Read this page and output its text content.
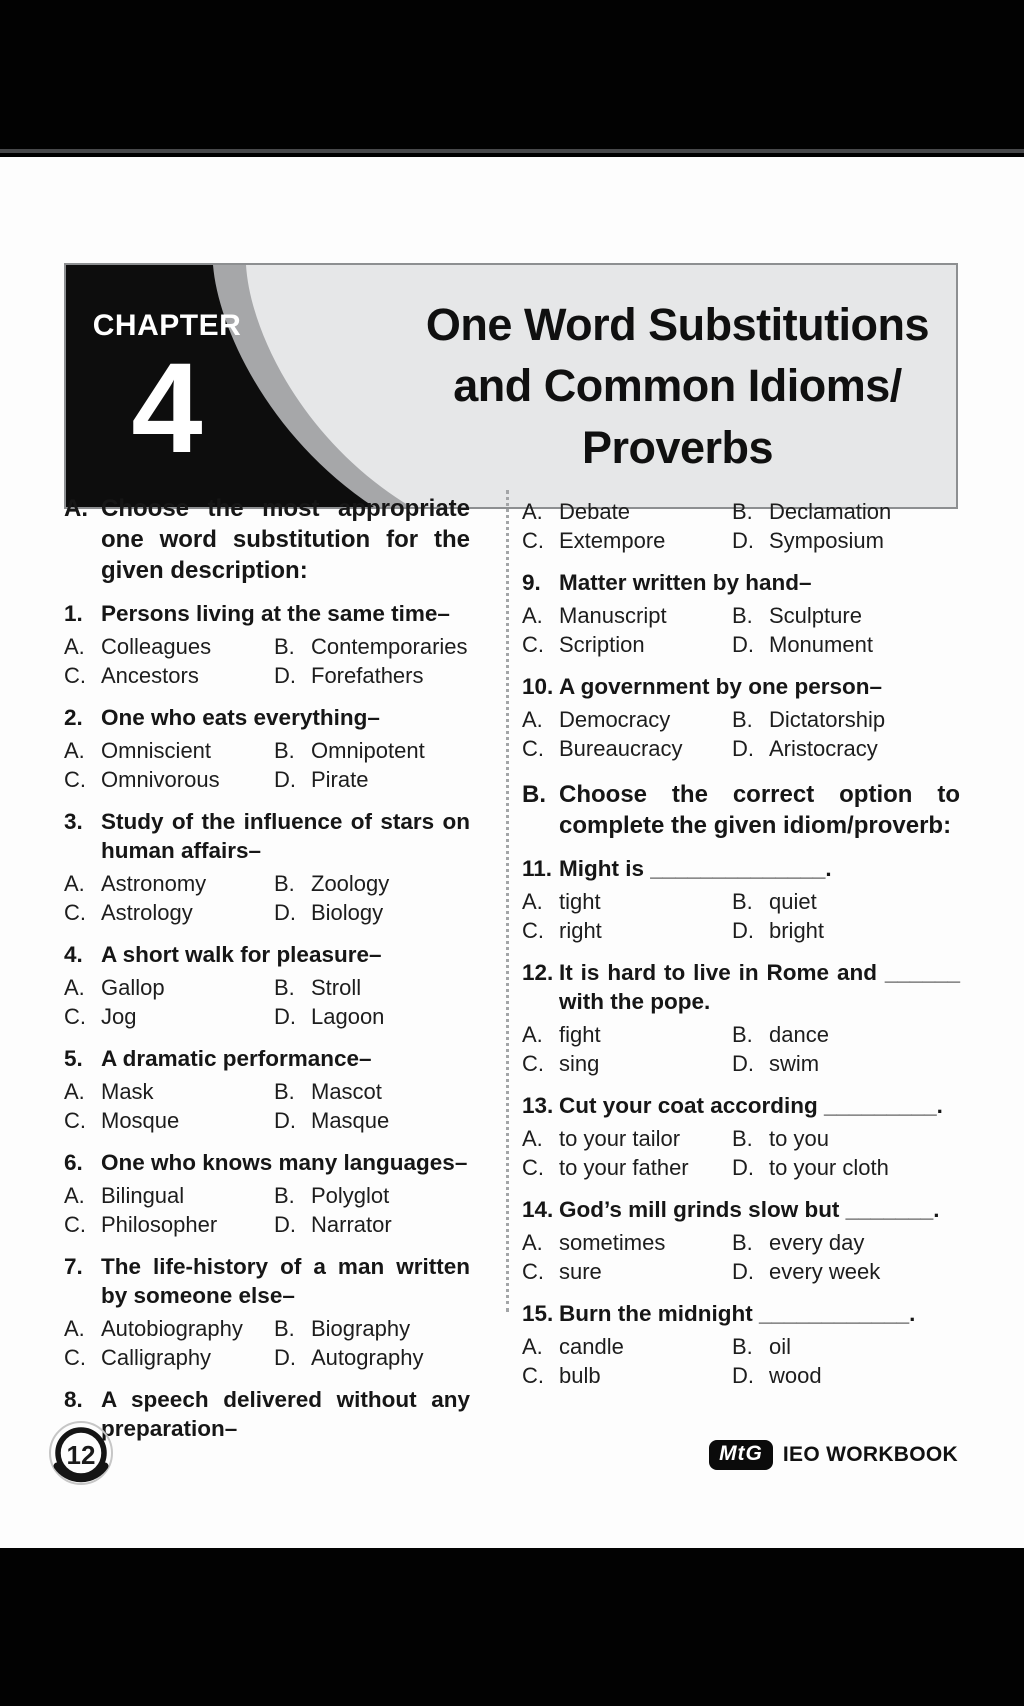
CHAPTER
4
One Word Substitutions
and Common Idioms/
Proverbs
A. Choose the most appropriate one word substitution for the given description:
1. Persons living at the same time–
A. Colleagues	B. Contemporaries
C. Ancestors	D. Forefathers
2. One who eats everything–
A. Omniscient	B. Omnipotent
C. Omnivorous	D. Pirate
3. Study of the influence of stars on human affairs–
A. Astronomy	B. Zoology
C. Astrology	D. Biology
4. A short walk for pleasure–
A. Gallop	B. Stroll
C. Jog	D. Lagoon
5. A dramatic performance–
A. Mask	B. Mascot
C. Mosque	D. Masque
6. One who knows many languages–
A. Bilingual	B. Polyglot
C. Philosopher	D. Narrator
7. The life-history of a man written by someone else–
A. Autobiography	B. Biography
C. Calligraphy	D. Autography
8. A speech delivered without any preparation–
A. Debate	B. Declamation
C. Extempore	D. Symposium
9. Matter written by hand–
A. Manuscript	B. Sculpture
C. Scription	D. Monument
10. A government by one person–
A. Democracy	B. Dictatorship
C. Bureaucracy	D. Aristocracy
B. Choose the correct option to complete the given idiom/proverb:
11. Might is ______________.
A. tight	B. quiet
C. right	D. bright
12. It is hard to live in Rome and ______ with the pope.
A. fight	B. dance
C. sing	D. swim
13. Cut your coat according _________.
A. to your tailor	B. to you
C. to your father	D. to your cloth
14. God’s mill grinds slow but _______.
A. sometimes	B. every day
C. sure	D. every week
15. Burn the midnight ____________.
A. candle	B. oil
C. bulb	D. wood
12	MtG IEO WORKBOOK
